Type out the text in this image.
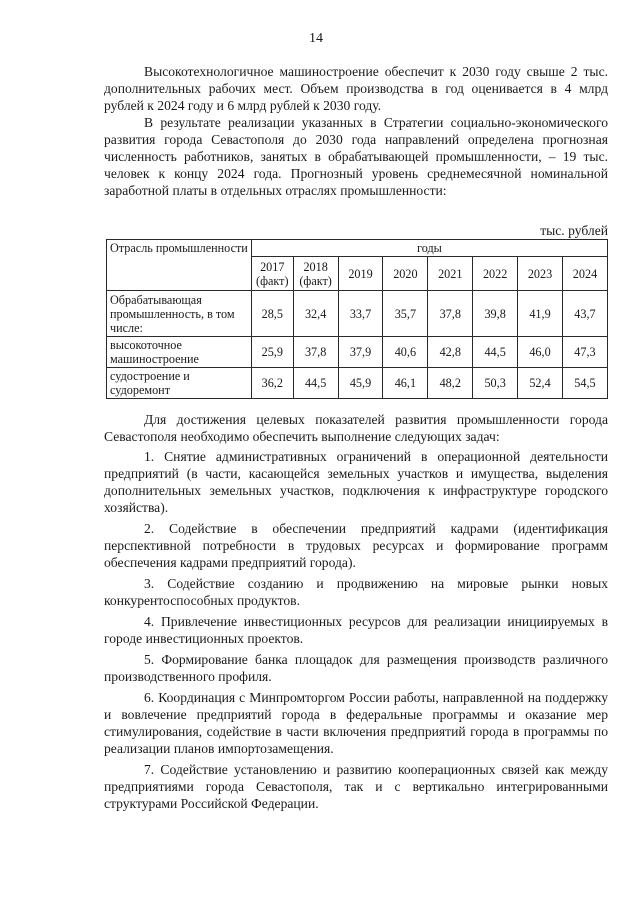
14

Высокотехнологичное машиностроение обеспечит к 2030 году свыше 2 тыс. дополнительных рабочих мест. Объем производства в год оценивается в 4 млрд рублей к 2024 году и 6 млрд рублей к 2030 году.

В результате реализации указанных в Стратегии социально-экономического развития города Севастополя до 2030 года направлений определена прогнозная численность работников, занятых в обрабатывающей промышленности, – 19 тыс. человек к концу 2024 года. Прогнозный уровень среднемесячной номинальной заработной платы в отдельных отраслях промышленности:

тыс. рублей
Отрасль промышленности	годы							
	2017 (факт)	2018 (факт)	2019	2020	2021	2022	2023	2024
Обрабатывающая промышленность, в том числе:	28,5	32,4	33,7	35,7	37,8	39,8	41,9	43,7
высокоточное машиностроение	25,9	37,8	37,9	40,6	42,8	44,5	46,0	47,3
судостроение и судоремонт	36,2	44,5	45,9	46,1	48,2	50,3	52,4	54,5

Для достижения целевых показателей развития промышленности города Севастополя необходимо обеспечить выполнение следующих задач:

1. Снятие административных ограничений в операционной деятельности предприятий (в части, касающейся земельных участков и имущества, выделения дополнительных земельных участков, подключения к инфраструктуре городского хозяйства).

2. Содействие в обеспечении предприятий кадрами (идентификация перспективной потребности в трудовых ресурсах и формирование программ обеспечения кадрами предприятий города).

3. Содействие созданию и продвижению на мировые рынки новых конкурентоспособных продуктов.

4. Привлечение инвестиционных ресурсов для реализации инициируемых в городе инвестиционных проектов.

5. Формирование банка площадок для размещения производств различного производственного профиля.

6. Координация с Минпромторгом России работы, направленной на поддержку и вовлечение предприятий города в федеральные программы и оказание мер стимулирования, содействие в части включения предприятий города в программы по реализации планов импортозамещения.

7. Содействие установлению и развитию кооперационных связей как между предприятиями города Севастополя, так и с вертикально интегрированными структурами Российской Федерации.
